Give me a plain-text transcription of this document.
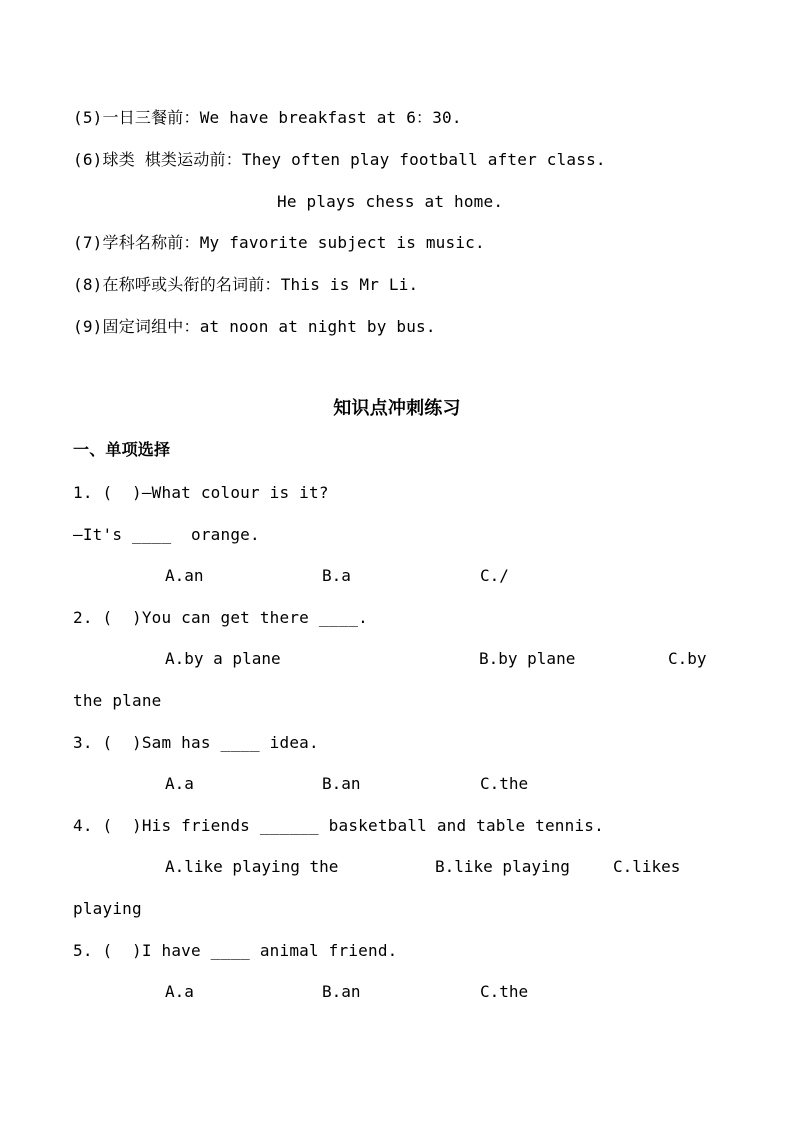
(5)一日三餐前：We have breakfast at 6：30.
(6)球类 棋类运动前：They often play football after class.
He plays chess at home.
(7)学科名称前：My favorite subject is music.
(8)在称呼或头衔的名词前：This is Mr Li.
(9)固定词组中：at noon at night by bus.
知识点冲刺练习
一、单项选择
1. (  )—What colour is it?
—It's ____  orange.
A.an	B.a	C./
2. (  )You can get there ____.
A.by a plane	B.by plane	C.by
the plane
3. (  )Sam has ____ idea.
A.a	B.an	C.the
4. (  )His friends ______ basketball and table tennis.
A.like playing the	B.like playing	C.likes
playing
5. (  )I have ____ animal friend.
A.a	B.an	C.the
